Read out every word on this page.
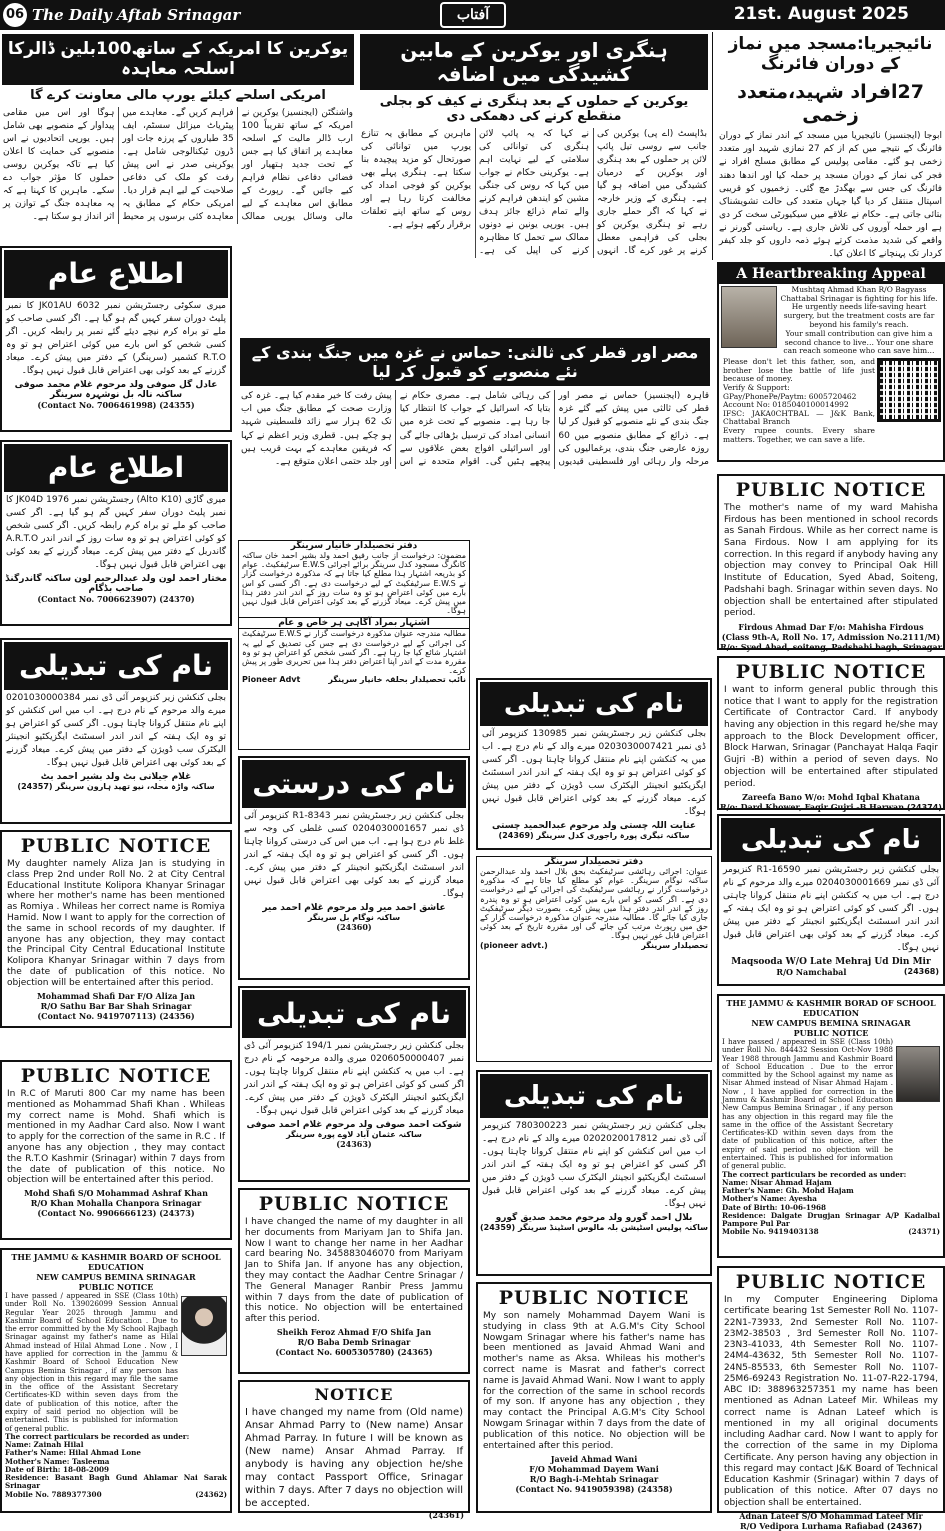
06 The Daily Aftab Srinagar	آفتاب	21st. August 2025
نائیجیریا:مسجد میں نماز کے دوران فائرنگ
27افراد شہید،متعدد زخمی
ابوجا (ایجنسیز) نائیجیریا میں مسجد کے اندر نماز کے دوران فائرنگ کے نتیجے میں کم از کم 27 نمازی شہید اور متعدد زخمی ہو گئے۔ مقامی پولیس کے مطابق مسلح افراد نے فجر کی نماز کے دوران مسجد پر حملہ کیا اور اندھا دھند فائرنگ کی جس سے بھگدڑ مچ گئی۔ زخمیوں کو قریبی اسپتال منتقل کر دیا گیا جہاں متعدد کی حالت تشویشناک بتائی جاتی ہے۔ حکام نے علاقے میں سیکیورٹی سخت کر دی ہے اور حملہ آوروں کی تلاش جاری ہے۔ ریاستی گورنر نے واقعے کی شدید مذمت کرتے ہوئے ذمہ داروں کو جلد کیفر کردار تک پہنچانے کا اعلان کیا۔
ہنگری اور یوکرین کے مابین کشیدگی میں اضافہ
یوکرین کے حملوں کے بعد ہنگری نے کیف کو بجلی منقطع کرنے کی دھمکی دی
بڈاپسٹ (اے پی) یوکرین کی جانب سے روسی تیل پائپ لائن پر حملوں کے بعد ہنگری اور یوکرین کے درمیان کشیدگی میں اضافہ ہو گیا ہے۔ ہنگری کے وزیر خارجہ نے کہا کہ اگر حملے جاری رہے تو ہنگری یوکرین کو بجلی کی فراہمی معطل کرنے پر غور کرے گا۔ انہوں نے کہا کہ یہ پائپ لائن ہنگری کی توانائی کی سلامتی کے لیے نہایت اہم ہے۔ یوکرینی حکام نے جواب میں کہا کہ روس کی جنگی مشین کو ایندھن فراہم کرنے والے تمام ذرائع جائز ہدف ہیں۔ یورپی یونین نے دونوں ممالک سے تحمل کا مظاہرہ کرنے کی اپیل کی ہے۔ ماہرین کے مطابق یہ تنازع یورپ میں توانائی کی صورتحال کو مزید پیچیدہ بنا سکتا ہے۔ ہنگری پہلے بھی یوکرین کو فوجی امداد کی مخالفت کرتا رہا ہے اور روس کے ساتھ اپنے تعلقات برقرار رکھے ہوئے ہے۔
یوکرین کا امریکہ کے ساتھ100بلین ڈالرکا اسلحہ معاہدہ
امریکی اسلحے کیلئے یورپ مالی معاونت کرے گا
واشنگٹن (ایجنسیز) یوکرین نے امریکہ کے ساتھ تقریباً 100 ارب ڈالر مالیت کے اسلحہ معاہدے پر اتفاق کیا ہے جس کے تحت جدید ہتھیار اور فضائی دفاعی نظام فراہم کیے جائیں گے۔ رپورٹ کے مطابق اس معاہدے کے لیے مالی وسائل یورپی ممالک فراہم کریں گے۔ معاہدے میں پیٹریاٹ میزائل سسٹم، ایف 35 طیاروں کے پرزہ جات اور ڈرون ٹیکنالوجی شامل ہے۔ یوکرینی صدر نے اس پیش رفت کو ملک کی دفاعی صلاحیت کے لیے اہم قرار دیا۔ امریکی حکام کے مطابق یہ معاہدہ کئی برسوں پر محیط ہوگا اور اس میں مقامی پیداوار کے منصوبے بھی شامل ہیں۔ یورپی اتحادیوں نے اس منصوبے کی حمایت کا اعلان کیا ہے تاکہ یوکرین روسی حملوں کا مؤثر جواب دے سکے۔ ماہرین کا کہنا ہے کہ یہ معاہدہ جنگ کے توازن پر اثر انداز ہو سکتا ہے۔
A Heartbreaking Appeal
Mushtaq Ahmad Khan R/O Bagyass Chattabal Srinagar is fighting for his life. He urgently needs life-saving heart surgery, but the treatment costs are far beyond his family's reach.
Your small contribution can give him a second chance to live… Your one share can reach someone who can save him…
Please don't let this father, son, and brother lose the battle of life just because of money.
Verify & Support:
GPay/PhonePe/Paytm: 6005720462
Account No: 0185040100014992
IFSC: JAKA0CHTBAL — J&K Bank, Chattabal Branch
Every rupee counts. Every share matters. Together, we can save a life.
PUBLIC NOTICE
The mother's name of my ward Mahisha Firdous has been mentioned in school records as Sanah Firdous. While as her correct name is Sana Firdous. Now I am applying for its correction. In this regard if anybody having any objection may convey to Principal Oak Hill Institute of Education, Syed Abad, Soiteng, Padshahi bagh. Srinagar within seven days. No objection shall be entertained after stipulated period.
Firdous Ahmad Dar F/o: Mahisha Firdous
(Class 9th-A, Roll No. 17, Admission No.2111/M)
R/o: Syed Abad, soiteng, Padshahi bagh, Srinagar
PUBLIC NOTICE
I want to inform general public through this notice that I want to apply for the registration Certificate of Contractor Card. If anybody having any objection in this regard he/she may approach to the Block Development officer, Block Harwan, Srinagar (Panchayat Halqa Faqir Gujri -B) within a period of seven days. No objection will be entertained after stipulated period.
Zareefa Bano W/o: Mohd Iqbal Khatana
R/o: Dard Khower, Faqir Gujri -B Harwan (24374)
نام کی تبدیلی
بجلی کنکشن زیر رجسٹریشن نمبر 16590-R1 کنزیومر آئی ڈی نمبر 0204030001669 میرے والد مرحوم کے نام درج ہے۔ اب میں یہ کنکشن اپنے نام منتقل کروانا چاہتی ہوں۔ اگر کسی کو کوئی اعتراض ہو تو وہ ایک ہفتہ کے اندر اندر اسسٹنٹ ایگزیکٹیو انجینئر کے دفتر میں پیش کرے۔ میعاد گزرنے کے بعد کوئی بھی اعتراض قابل قبول نہیں ہوگا۔
Maqsooda W/O Late Mehraj Ud Din Mir
R/O Namchabal	(24368)
THE JAMMU & KASHMIR BORAD OF SCHOOL EDUCATION
NEW CAMPUS BEMINA SRINAGAR
PUBLIC NOTICE
I have passed / appeared in SSE (Class 10th) under Roll No. 844432 Session Oct-Nov 1988 Year 1988 through Jammu and Kashmir Board of School Education . Due to the error committed by the School against my name as Nisar Ahmed instead of Nisar Ahmad Hajam . Now , I have applied for correction in the Jammu & Kashmir Board of School Education New Campus Bemina Srinagar , if any person has any objection in this regard may file the same in the office of the Assistant Secretary Certificates-KD within seven days from the date of publication of this notice, after the expiry of said period no objection will be entertained. This is published for information of general public.
The correct particulars be recorded as under:
Name: Nisar Ahmad Hajam
Father's Name: Gh. Mohd Hajam
Mother's Name: Ayesha
Date of Birth: 10-06-1968
Residence: Dalgate Drugjan Srinagar A/P Kadalbal Pampore Pul Par
Mobile No. 9419403138	(24371)
PUBLIC NOTICE
In my Computer Engineering Diploma certificate bearing 1st Semester Roll No. 1107-22N1-73933, 2nd Semester Roll No. 1107-23M2-38503 , 3rd Semester Roll No. 1107-23N3-41033, 4th Semester Roll No. 1107-24M4-43632, 5th Semester Roll No. 1107-24N5-85533, 6th Semester Roll No. 1107-25M6-69243 Registration No. 11-07-R22-1794, ABC ID: 388963257351 my name has been mentioned as Adnan Lateef Mir. Whileas my correct name is Adnan Lateef which is mentioned in my all original documents including Aadhar card. Now I want to apply for the correction of the same in my Diploma Certificate. Any person having any objection in this regard may contact J&K Board of Technical Education Kashmir (Srinagar) within 7 days of publication of this notice. After 07 days no objection shall be entertained.
Adnan Lateef S/O Mohammad Lateef Mir
R/O Vedipora Lurhama Rafiabad (24367)
اطلاع عام
میری سکوٹی رجسٹریشن نمبر JK01AU 6032 کا نمبر پلیٹ دوران سفر کہیں گم ہو گیا ہے۔ اگر کسی صاحب کو ملے تو براہ کرم نیچے دیئے گئے نمبر پر رابطہ کریں۔ اگر کسی شخص کو اس بارے میں کوئی اعتراض ہو تو وہ R.T.O کشمیر (سرینگر) کے دفتر میں پیش کرے۔ میعاد گزرنے کے بعد کوئی بھی اعتراض قابل قبول نہیں ہوگا۔
عادل گل صوفی ولد مرحوم غلام محمد صوفی ساکنہ نالہ بل نوشہرہ سرینگر
(Contact No. 7006461998) (24355)
اطلاع عام
میری گاڑی (Alto K10) رجسٹریشن نمبر JK04D 1976 کا نمبر پلیٹ دوران سفر کہیں گم ہو گیا ہے۔ اگر کسی صاحب کو ملے تو براہ کرم رابطہ کریں۔ اگر کسی شخص کو کوئی اعتراض ہو تو وہ سات روز کے اندر اندر A.R.T.O گاندربل کے دفتر میں پیش کرے۔ میعاد گزرنے کے بعد کوئی بھی اعتراض قابل قبول نہیں ہوگا۔
مختار احمد لون ولد عبدالرحیم لون ساکنہ گاندرگنڈ صاحب بڈگام
(Contact No. 7006623907) (24370)
نام کی تبدیلی
بجلی کنکشن زیر کنزیومر آئی ڈی نمبر 0201030000384 میرے والد مرحوم کے نام درج ہے۔ اب میں اس کنکشن کو اپنے نام منتقل کروانا چاہتا ہوں۔ اگر کسی کو اعتراض ہو تو وہ ایک ہفتہ کے اندر اندر اسسٹنٹ ایگزیکٹیو انجینئر الیکٹرک سب ڈویژن کے دفتر میں پیش کرے۔ میعاد گزرنے کے بعد کوئی بھی اعتراض قابل قبول نہیں ہوگا۔
غلام جیلانی بٹ ولد بشیر احمد بٹ
ساکنہ واڑہ محلہ، نیو تھید ہارون سرینگر (24357)
PUBLIC NOTICE
My daughter namely Aliza Jan is studying in class Prep 2nd under Roll No. 2 at City Central Educational Institute Kolipora Khanyar Srinagar where her mother's name has been mentioned as Romiya . Whileas her correct name is Romiya Hamid. Now I want to apply for the correction of the same in school records of my daughter. If anyone has any objection, they may contact the Principal City Central Educational Institute Kolipora Khanyar Srinagar within 7 days from the date of publication of this notice. No objection will be entertained after this period.
Mohammad Shafi Dar F/O Aliza Jan
R/O Sathu Bar Bar Shah Srinagar
(Contact No. 9419707113) (24356)
PUBLIC NOTICE
In R.C of Maruti 800 Car my name has been mentioned as Mohammad Shafi Khan . Whileas my correct name is Mohd. Shafi which is mentioned in my Aadhar Card also. Now I want to apply for the correction of the same in R.C . If anyone has any objection , they may contact the R.T.O Kashmir (Srinagar) within 7 days from the date of publication of this notice. No objection will be entertained after this period.
Mohd Shafi S/O Mohammad Ashraf Khan
R/O Khan Mohalla Chanpora Srinagar
(Contact No. 9906666123) (24373)
THE JAMMU & KASHMIR BOARD OF SCHOOL EDUCATION
NEW CAMPUS BEMINA SRINAGAR
PUBLIC NOTICE
I have passed / appeared in SSE (Class 10th) under Roll No. 139026099 Session Annual Regular Year 2025 through Jammu and Kashmir Board of School Education . Due to the error committed by the My School Rajbagh Srinagar against my father's name as Hilal Ahmad instead of Hilal Ahmad Lone . Now , I have applied for correction in the Jammu & Kashmir Board of School Education New Campus Bemina Srinagar , if any person has any objection in this regard may file the same in the office of the Assistant Secretary Certificates-KD within seven days from the date of publication of this notice, after the expiry of said period no objection will be entertained. This is published for information of general public.
The correct particulars be recorded as under:
Name: Zainah Hilal
Father's Name: Hilal Ahmad Lone
Mother's Name: Tasleema
Date of Birth: 18-08-2009
Residence: Basant Bagh Gund Ahlamar Nai Sarak Srinagar
Mobile No. 7889377300	(24362)
مصر اور قطر کی ثالثی: حماس نے غزہ میں جنگ بندی کے نئے منصوبے کو قبول کر لیا
قاہرہ (ایجنسیز) حماس نے مصر اور قطر کی ثالثی میں پیش کیے گئے غزہ جنگ بندی کے نئے منصوبے کو قبول کر لیا ہے۔ ذرائع کے مطابق منصوبے میں 60 روزہ عارضی جنگ بندی، یرغمالیوں کی مرحلہ وار رہائی اور فلسطینی قیدیوں کی رہائی شامل ہے۔ مصری حکام نے بتایا کہ اسرائیل کے جواب کا انتظار کیا جا رہا ہے۔ منصوبے کے تحت غزہ میں انسانی امداد کی ترسیل بڑھائی جائے گی اور اسرائیلی افواج بعض علاقوں سے پیچھے ہٹیں گی۔ اقوام متحدہ نے اس پیش رفت کا خیر مقدم کیا ہے۔ غزہ کی وزارت صحت کے مطابق جنگ میں اب تک 62 ہزار سے زائد فلسطینی شہید ہو چکے ہیں۔ قطری وزیر اعظم نے کہا کہ فریقین معاہدے کے بہت قریب ہیں اور جلد حتمی اعلان متوقع ہے۔
دفتر تحصیلدار خانیار سرینگر
مضمون: درخواست از جانب رفیق احمد ولد بشیر احمد خان ساکنہ کانگرگ مسجود کدل سرینگر برائے اجرائی E.W.S سرٹیفکیٹ۔ عوام کو بذریعہ اشتہار ہذا مطلع کیا جاتا ہے کہ مذکورہ درخواست گزار نے E.W.S سرٹیفکیٹ کے لیے درخواست دی ہے۔ اگر کسی کو اس بارے میں کوئی اعتراض ہو تو وہ سات روز کے اندر اندر دفتر ہذا میں پیش کرے۔ میعاد گزرنے کے بعد کوئی اعتراض قابل قبول نہیں ہوگا۔
اشتہار بمراد آگاہی ہر خاص و عام
مطالبہ مندرجہ عنوان مذکورہ درخواست گزار نے E.W.S سرٹیفکیٹ کی اجرائی کے لیے درخواست دی ہے جس کی تصدیق کے لیے یہ اشتہار شائع کیا جا رہا ہے۔ اگر کسی شخص کو اعتراض ہو تو وہ مقررہ مدت کے اندر اپنا اعتراض دفتر ہذا میں تحریری طور پر پیش کرے۔
Pioneer Advt	نائب تحصیلدار بحلقہ خانیار سرینگر
نام کی تبدیلی
بجلی کنکشن زیر رجسٹریشن نمبر 130985 کنزیومر آئی ڈی نمبر 0203030007421 میرے والد کے نام درج ہے۔ اب میں یہ کنکشن اپنے نام منتقل کروانا چاہتا ہوں۔ اگر کسی کو کوئی اعتراض ہو تو وہ ایک ہفتہ کے اندر اندر اسسٹنٹ ایگزیکٹیو انجینئر الیکٹرک سب ڈویژن کے دفتر میں پیش کرے۔ میعاد گزرنے کے بعد کوئی اعتراض قابل قبول نہیں ہوگا۔
عنایت اللہ چستی ولد مرحوم عبدالحمید چستی
ساکنہ تیگری پورہ راجوری کدل سرینگر (24369)
نام کی درستی
بجلی کنکشن زیر رجسٹریشن نمبر 8343-R1 کنزیومر آئی ڈی نمبر 0204030001657 کسی غلطی کی وجہ سے غلط نام درج ہوا ہے۔ اب میں اس کی درستی کروانا چاہتا ہوں۔ اگر کسی کو اعتراض ہو تو وہ ایک ہفتہ کے اندر اندر اسسٹنٹ ایگزیکٹیو انجینئر کے دفتر میں پیش کرے۔ میعاد گزرنے کے بعد کوئی بھی اعتراض قابل قبول نہیں ہوگا۔
عاشق احمد میر ولد مرحوم غلام احمد میر
ساکنہ نوگام بل سرینگر
(24360)
دفتر تحصیلدار سرینگر
عنوان: اجرائی رہائشی سرٹیفکیٹ بحق بلال احمد ولد عبدالرحمن ساکنہ نوگام سرینگر۔ عوام کو مطلع کیا جاتا ہے کہ مذکورہ درخواست گزار نے رہائشی سرٹیفکیٹ کی اجرائی کے لیے درخواست دی ہے۔ اگر کسی کو اس بارے میں کوئی اعتراض ہو تو وہ پندرہ روز کے اندر اندر دفتر ہذا میں پیش کرے۔ بصورت دیگر سرٹیفکیٹ جاری کیا جائے گا۔ مطالبہ مندرجہ عنوان مذکورہ درخواست گزار کے حق میں رپورٹ مرتب کی جائے گی اور مقررہ تاریخ کے بعد کوئی اعتراض قابل غور نہیں ہوگا۔
(pioneer advt.)	تحصیلدار سرینگر
نام کی تبدیلی
بجلی کنکشن زیر رجسٹریشن نمبر 194/1 کنزیومر آئی ڈی نمبر 0206050000407 میری والدہ مرحومہ کے نام درج ہے۔ اب میں یہ کنکشن اپنے نام منتقل کروانا چاہتا ہوں۔ اگر کسی کو کوئی اعتراض ہو تو وہ ایک ہفتہ کے اندر اندر ایگزیکٹیو انجینئر الیکٹرک ڈویژن کے دفتر میں پیش کرے۔ میعاد گزرنے کے بعد کوئی اعتراض قابل قبول نہیں ہوگا۔
شوکت احمد صوفی ولد مرحوم غلام احمد صوفی
ساکنہ عثمان آباد لاوے پورہ سرینگر
(24363)
نام کی تبدیلی
بجلی کنکشن زیر رجسٹریشن نمبر 780300223 کنزیومر آئی ڈی نمبر 0202020017812 میرے والد کے نام درج ہے۔ اب میں اس کنکشن کو اپنے نام منتقل کروانا چاہتا ہوں۔ اگر کسی کو اعتراض ہو تو وہ ایک ہفتہ کے اندر اندر اسسٹنٹ ایگزیکٹیو انجینئر الیکٹرک سب ڈویژن کے دفتر میں پیش کرے۔ میعاد گزرنے کے بعد کوئی اعتراض قابل قبول نہیں ہوگا۔
بلال احمد گورو ولد مرحوم محمد صدیق گورو
ساکنہ پولیس اسٹیشن بلہ مالوس اسٹینڈ سرینگر (24359)
PUBLIC NOTICE
I have changed the name of my daughter in all her documents from Mariyam Jan to Shifa Jan. Now I want to change her name in her Aadhar card bearing No. 345883046070 from Mariyam Jan to Shifa Jan. If anyone has any objection, they may contact the Aadhar Centre Srinagar / The General Manager Ranbir Press Jammu within 7 days from the date of publication of this notice. No objection will be entertained after this period.
Sheikh Feroz Ahmad F/O Shifa Jan
R/O Baba Demb Srinagar
(Contact No. 6005305780) (24365)
NOTICE
I have changed my name from (Old name) Ansar Ahmad Parry to (New name) Ansar Ahmad Parray. In future I will be known as (New name) Ansar Ahmad Parray. If anybody is having any objection he/she may contact Passport Office, Srinagar within 7 days. After 7 days no objection will be accepted.
(24361)
PUBLIC NOTICE
My son namely Mohammad Dayem Wani is studying in class 9th at A.G.M's City School Nowgam Srinagar where his father's name has been mentioned as Javaid Ahmad Wani and mother's name as Aksa. Whileas his mother's correct name is Masrat and father's correct name is Javaid Ahmad Wani. Now I want to apply for the correction of the same in school records of my son. If anyone has any objection , they may contact the Principal A.G.M's City School Nowgam Srinagar within 7 days from the date of publication of this notice. No objection will be entertained after this period.
Javeid Ahmad Wani
F/O Mohammad Dayem Wani
R/O Bagh-i-Mehtab Srinagar
(Contact No. 9419059398) (24358)
